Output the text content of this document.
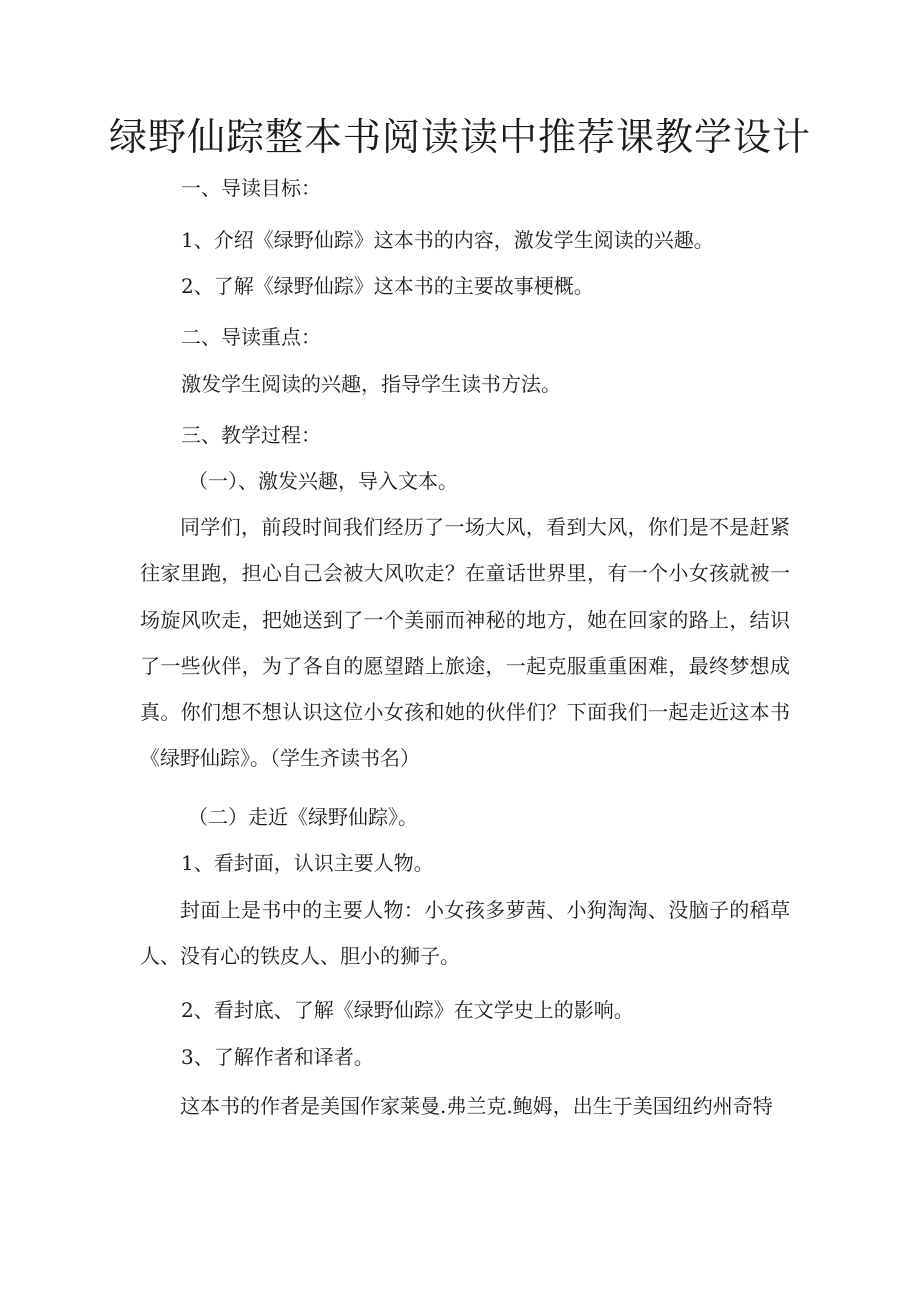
绿野仙踪整本书阅读读中推荐课教学设计

一、导读目标：

1、介绍《绿野仙踪》这本书的内容，激发学生阅读的兴趣。

2、了解《绿野仙踪》这本书的主要故事梗概。

二、导读重点：

激发学生阅读的兴趣，指导学生读书方法。

三、教学过程：

（一）、激发兴趣，导入文本。

同学们，前段时间我们经历了一场大风，看到大风，你们是不是赶紧往家里跑，担心自己会被大风吹走？在童话世界里，有一个小女孩就被一场旋风吹走，把她送到了一个美丽而神秘的地方，她在回家的路上，结识了一些伙伴，为了各自的愿望踏上旅途，一起克服重重困难，最终梦想成真。你们想不想认识这位小女孩和她的伙伴们？下面我们一起走近这本书《绿野仙踪》。（学生齐读书名）

（二）走近《绿野仙踪》。

1、看封面，认识主要人物。

封面上是书中的主要人物：小女孩多萝茜、小狗淘淘、没脑子的稻草人、没有心的铁皮人、胆小的狮子。

2、看封底、了解《绿野仙踪》在文学史上的影响。

3、了解作者和译者。

这本书的作者是美国作家莱曼.弗兰克.鲍姆，出生于美国纽约州奇特
